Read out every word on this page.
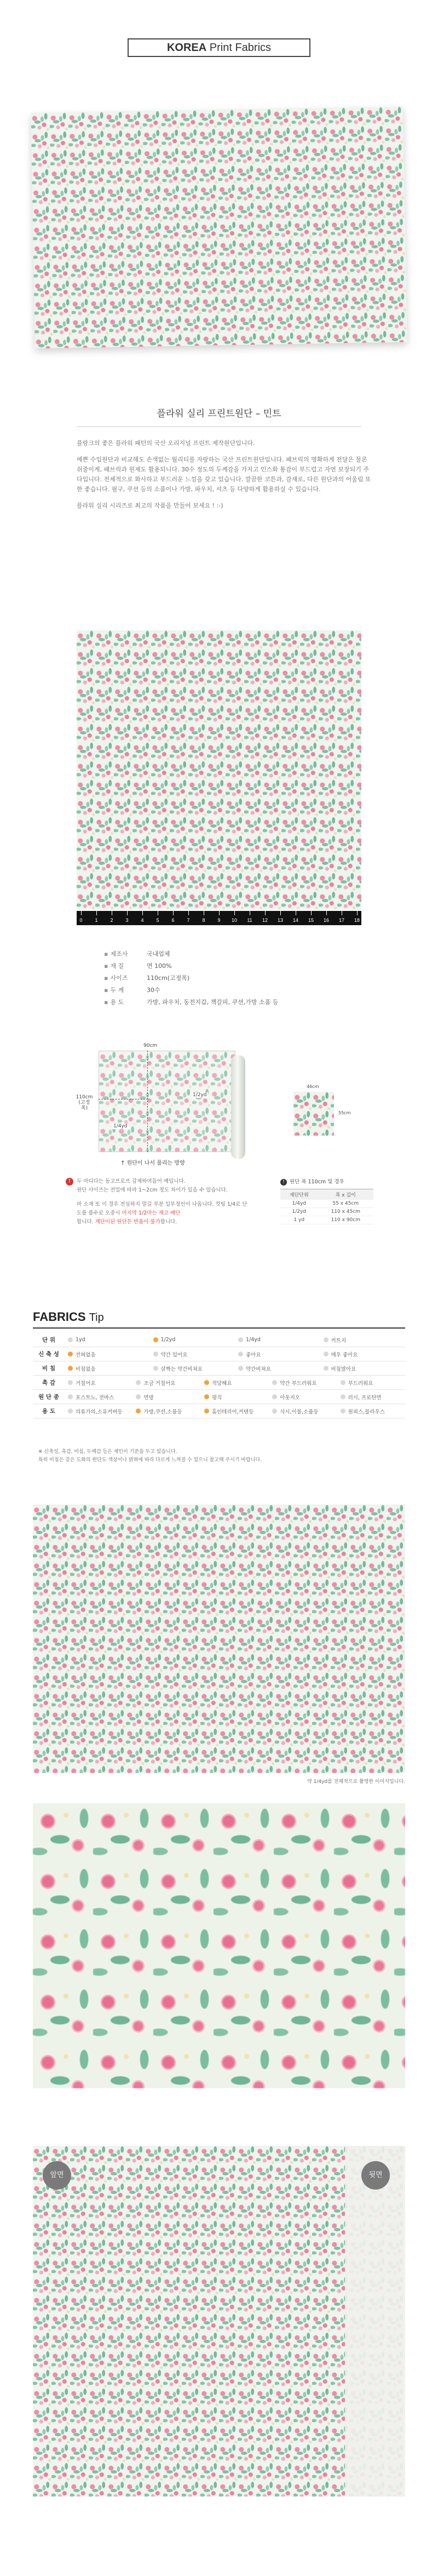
KOREA Print Fabrics
플라워 실리 프린트원단 – 민트

플랑크의 좋은 플라워 패턴의 국산 오리지널 프린트 제작원단입니다.

예쁜 수입원단과 비교해도 손색없는 월리티를 자랑하는 국산 프린트원단입니다. 패브릭의 명확하게 전달은 물론 쉬줄이게, 패브릭과 원제도 활용되니다. 30수 정도의 두께감을 가지고 인스화 통감이 부드럽고 자연 보장되기 주다입니다. 전체적으로 화사하고 부드러운 느낌을 갖고 있습니다. 깔끔한 코튼과, 감재로, 다른 원단과의 어울림 또한 좋습니다. 필구, 쿠션 등의 소품이나 가방, 파우치, 셔츠 등 다양하게 활용하실 수 있습니다.

플라워 실리 시리즈로 최고의 작품을 만들어 보세요 ! :-)

0	1	2	3	4	5	6	7	8	9	10	11	12	13	14	15	16	17	18
▪ 제조사	국내업체
▪ 재 질	면 100%
▪ 사이즈	110cm(고정폭)
▪ 두 께	30수
▪ 용 도	가방, 파우치, 동전지갑, 책갈피, 쿠션,가방 소품 등
90cm
110cm (고정폭)
1/2yd
1/4yd
↑ 원단이 나서 풀리는 방향
46cm
55cm
! 두 마디다는 동고프로프 감제하여들어 예입니다.
원단 사이즈는 전밀에 따라 1~2cm 정도 차이가 있을 수 있습니다.
마 소재 또 이 경우 전심하지 말길 부분 일부정인이 나옵니다. 컷팅 1/4로 단도를 풀수로 오중시 마지막 1/2마는 재고 배단
합니다. 재단이된 원단은 반품이 불가합니다.
! 원단 폭 110cm 및 경우
재단단위	폭 x 길이
1/4yd	55 x 45cm
1/2yd	110 x 45cm
1 yd	110 x 90cm
FABRICS Tip
단 위	1yd	1/2yd	1/4yd	커트지
신 축 성	전혀없음	약간 있어요	좋아요	매우 좋아요
비 침	비침없음	살짝는 약간비쳐요	약간비쳐요	비침많아요
촉 감	거칠어요	조금 거칠어요	적당해요	약간 부드러워요	부드러워요
원 단 종	포스트노, 전바스	면방	평직	아웃지오	러시, 프로탄면
용 도	의류가의,소유커버등	가방,쿠션,소품등	홈인테리어,커텐등	식시,이불,소품등	원피스,블라우스
※ 신축성, 촉감, 비침, 두께감 등은 제인이 기준을 두고 있습니다.
특히 비침은 같은 도화의 원단도 색상이나 밝혀에 따라 다르게 느껴질 수 있으니 참고해 주시기 바랍니다.
약 1/4yd를 전체적으로 촬영한 이미지입니다.
앞면	뒷면
